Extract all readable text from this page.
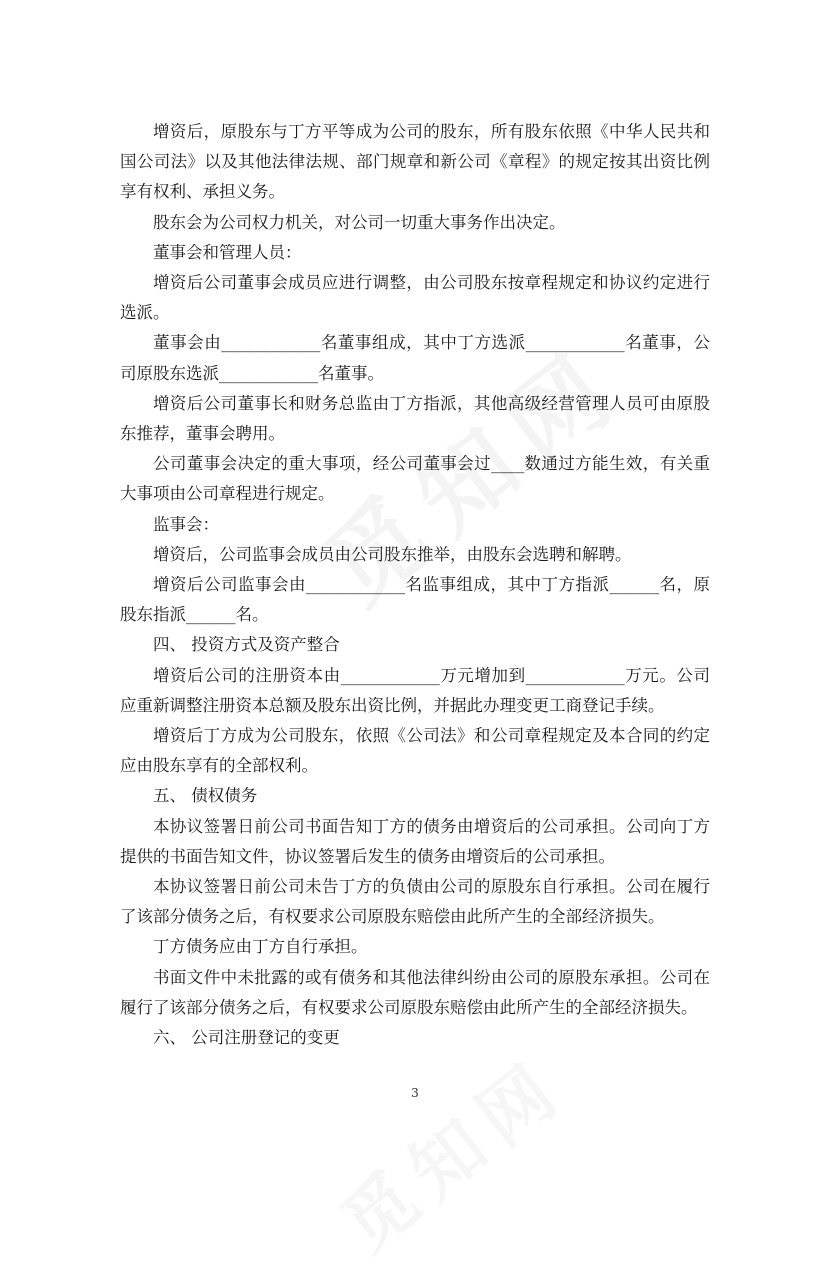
增资后，原股东与丁方平等成为公司的股东，所有股东依照《中华人民共和国公司法》以及其他法律法规、部门规章和新公司《章程》的规定按其出资比例享有权利、承担义务。

股东会为公司权力机关，对公司一切重大事务作出决定。

董事会和管理人员：

增资后公司董事会成员应进行调整，由公司股东按章程规定和协议约定进行选派。

董事会由____________名董事组成，其中丁方选派____________名董事，公司原股东选派____________名董事。

增资后公司董事长和财务总监由丁方指派，其他高级经营管理人员可由原股东推荐，董事会聘用。

公司董事会决定的重大事项，经公司董事会过____数通过方能生效，有关重大事项由公司章程进行规定。

监事会：

增资后，公司监事会成员由公司股东推举，由股东会选聘和解聘。

增资后公司监事会由____________名监事组成，其中丁方指派______名，原股东指派______名。

四、 投资方式及资产整合

增资后公司的注册资本由____________万元增加到____________万元。公司应重新调整注册资本总额及股东出资比例，并据此办理变更工商登记手续。

增资后丁方成为公司股东，依照《公司法》和公司章程规定及本合同的约定应由股东享有的全部权利。

五、 债权债务

本协议签署日前公司书面告知丁方的债务由增资后的公司承担。公司向丁方提供的书面告知文件，协议签署后发生的债务由增资后的公司承担。

本协议签署日前公司未告丁方的负债由公司的原股东自行承担。公司在履行了该部分债务之后，有权要求公司原股东赔偿由此所产生的全部经济损失。

丁方债务应由丁方自行承担。

书面文件中未批露的或有债务和其他法律纠纷由公司的原股东承担。公司在履行了该部分债务之后，有权要求公司原股东赔偿由此所产生的全部经济损失。

六、 公司注册登记的变更

3
